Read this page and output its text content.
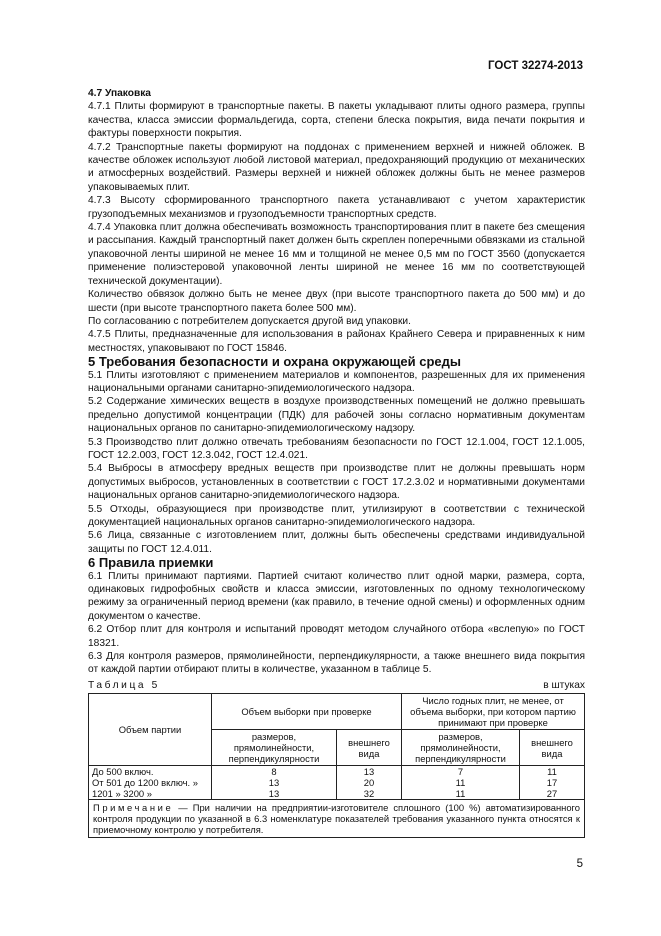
ГОСТ 32274-2013

4.7 Упаковка

4.7.1 Плиты формируют в транспортные пакеты. В пакеты укладывают плиты одного размера, группы качества, класса эмиссии формальдегида, сорта, степени блеска покрытия, вида печати покрытия и фактуры поверхности покрытия.

4.7.2 Транспортные пакеты формируют на поддонах с применением верхней и нижней обложек. В качестве обложек используют любой листовой материал, предохраняющий продукцию от механических и атмосферных воздействий. Размеры верхней и нижней обложек должны быть не менее размеров упаковываемых плит.

4.7.3 Высоту сформированного транспортного пакета устанавливают с учетом характеристик грузоподъемных механизмов и грузоподъемности транспортных средств.

4.7.4 Упаковка плит должна обеспечивать возможность транспортирования плит в пакете без смещения и рассыпания. Каждый транспортный пакет должен быть скреплен поперечными обвязками из стальной упаковочной ленты шириной не менее 16 мм и толщиной не менее 0,5 мм по ГОСТ 3560 (допускается применение полиэстеровой упаковочной ленты шириной не менее 16 мм по соответствующей технической документации).

Количество обвязок должно быть не менее двух (при высоте транспортного пакета до 500 мм) и до шести (при высоте транспортного пакета более 500 мм).

По согласованию с потребителем допускается другой вид упаковки.

4.7.5 Плиты, предназначенные для использования в районах Крайнего Севера и приравненных к ним местностях, упаковывают по ГОСТ 15846.

5 Требования безопасности и охрана окружающей среды

5.1 Плиты изготовляют с применением материалов и компонентов, разрешенных для их применения национальными органами санитарно-эпидемиологического надзора.

5.2 Содержание химических веществ в воздухе производственных помещений не должно превышать предельно допустимой концентрации (ПДК) для рабочей зоны согласно нормативным документам национальных органов по санитарно-эпидемиологическому надзору.

5.3 Производство плит должно отвечать требованиям безопасности по ГОСТ 12.1.004, ГОСТ 12.1.005, ГОСТ 12.2.003, ГОСТ 12.3.042, ГОСТ 12.4.021.

5.4 Выбросы в атмосферу вредных веществ при производстве плит не должны превышать норм допустимых выбросов, установленных в соответствии с ГОСТ 17.2.3.02 и нормативными документами национальных органов санитарно-эпидемиологического надзора.

5.5 Отходы, образующиеся при производстве плит, утилизируют в соответствии с технической документацией национальных органов санитарно-эпидемиологического надзора.

5.6 Лица, связанные с изготовлением плит, должны быть обеспечены средствами индивидуальной защиты по ГОСТ 12.4.011.

6 Правила приемки

6.1 Плиты принимают партиями. Партией считают количество плит одной марки, размера, сорта, одинаковых гидрофобных свойств и класса эмиссии, изготовленных по одному технологическому режиму за ограниченный период времени (как правило, в течение одной смены) и оформленных одним документом о качестве.

6.2 Отбор плит для контроля и испытаний проводят методом случайного отбора «вслепую» по ГОСТ 18321.

6.3 Для контроля размеров, прямолинейности, перпендикулярности, а также внешнего вида покрытия от каждой партии отбирают плиты в количестве, указанном в таблице 5.

Таблица 5	в штуках
Объем партии	Объем выборки при проверке		Число годных плит, не менее, от объема выборки, при котором партию принимают при проверке	
	размеров, прямолинейности, перпендикулярности	внешнего вида	размеров, прямолинейности, перпендикулярности	внешнего вида
До 500 включ.	8	13	7	11
От 501 до 1200 включ. »	13	20	11	17
1201 » 3200 »	13	32	11	27
Примечание — При наличии на предприятии-изготовителе сплошного (100 %) автоматизированного контроля продукции по указанной в 6.3 номенклатуре показателей требования указанного пункта относятся к приемочному контролю у потребителя.				
5
